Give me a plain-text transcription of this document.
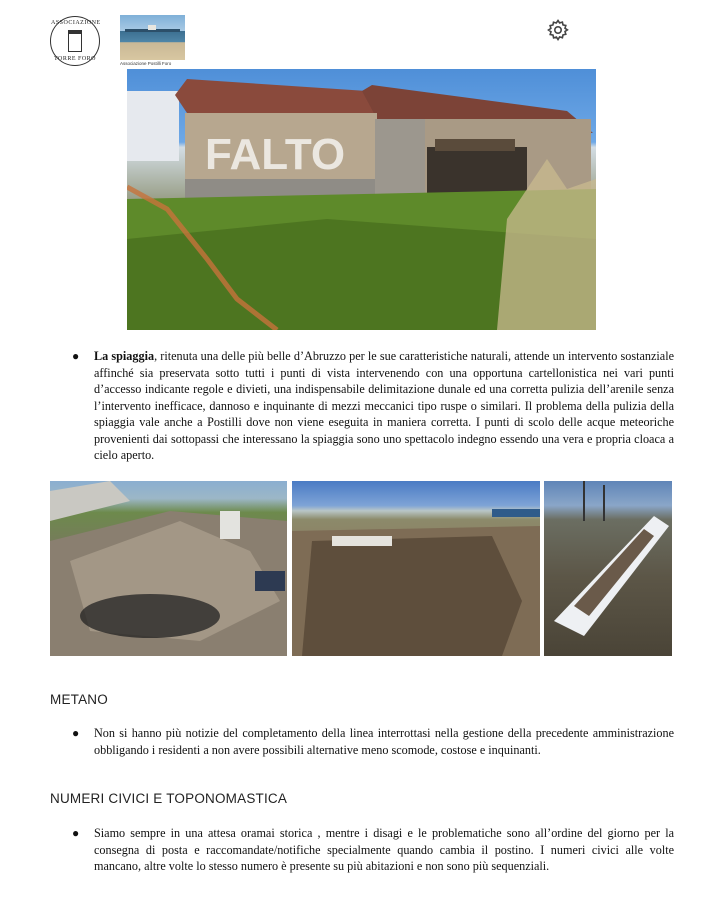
ASSOCIAZIONE
TORRE FORO
Associazione Postilli Foro
FALTO
● La spiaggia, ritenuta una delle più belle d’Abruzzo per le sue caratteristiche naturali, attende un intervento sostanziale affinché sia preservata sotto tutti i punti di vista intervenendo con una opportuna cartellonistica nei vari punti d’accesso indicante regole e divieti, una indispensabile delimitazione dunale ed una corretta pulizia dell’arenile senza l’intervento inefficace, dannoso e inquinante di mezzi meccanici tipo ruspe o similari. Il problema della pulizia della spiaggia vale anche a Postilli dove non viene eseguita in maniera corretta. I punti di scolo delle acque meteoriche provenienti dai sottopassi che interessano la spiaggia sono uno spettacolo indegno essendo una vera e propria cloaca a cielo aperto.
METANO
● Non si hanno più notizie del completamento della linea interrottasi nella gestione della precedente amministrazione obbligando i residenti a non avere possibili alternative meno scomode, costose e inquinanti.
NUMERI CIVICI E TOPONOMASTICA
● Siamo sempre in una attesa oramai storica , mentre i disagi e le problematiche sono all’ordine del giorno per la consegna di posta e raccomandate/notifiche specialmente quando cambia il postino. I numeri civici alle volte mancano, altre volte lo stesso numero è presente su più abitazioni e non sono più sequenziali.
